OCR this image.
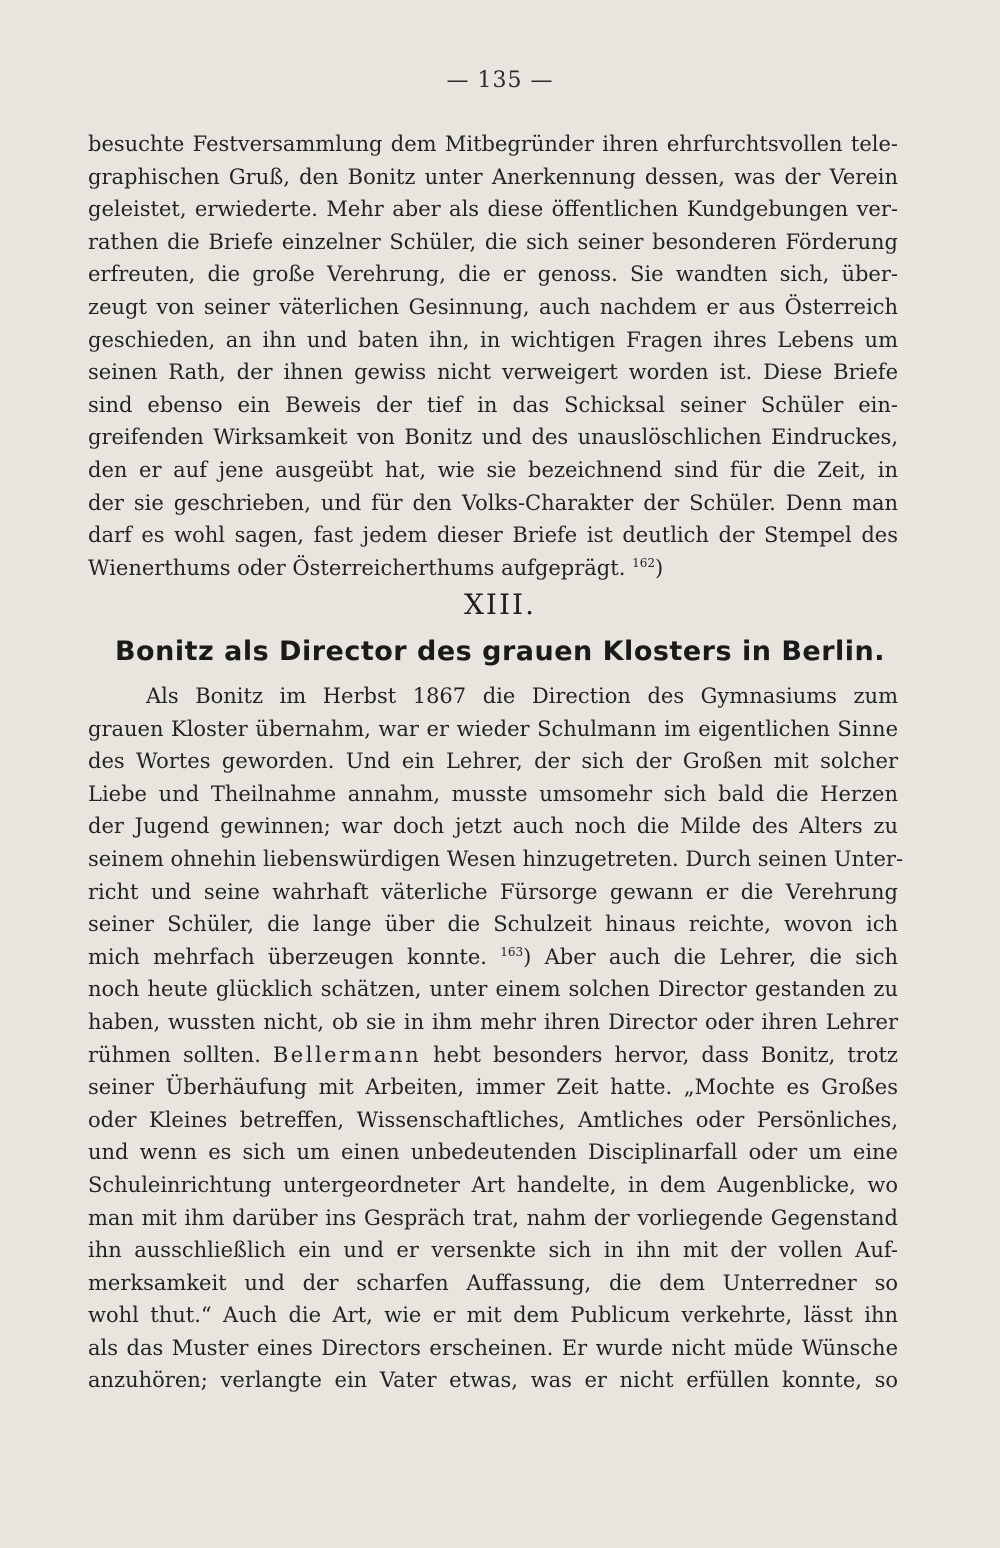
— 135 —
besuchte Festversammlung dem Mitbegründer ihren ehrfurchtsvollen tele-
graphischen Gruß, den Bonitz unter Anerkennung dessen, was der Verein
geleistet, erwiederte. Mehr aber als diese öffentlichen Kundgebungen ver-
rathen die Briefe einzelner Schüler, die sich seiner besonderen Förderung
erfreuten, die große Verehrung, die er genoss. Sie wandten sich, über-
zeugt von seiner väterlichen Gesinnung, auch nachdem er aus Österreich
geschieden, an ihn und baten ihn, in wichtigen Fragen ihres Lebens um
seinen Rath, der ihnen gewiss nicht verweigert worden ist. Diese Briefe
sind ebenso ein Beweis der tief in das Schicksal seiner Schüler ein-
greifenden Wirksamkeit von Bonitz und des unauslöschlichen Eindruckes,
den er auf jene ausgeübt hat, wie sie bezeichnend sind für die Zeit, in
der sie geschrieben, und für den Volks-Charakter der Schüler. Denn man
darf es wohl sagen, fast jedem dieser Briefe ist deutlich der Stempel des
Wienerthums oder Österreicherthums aufgeprägt. $^{162}$)
XIII.
Bonitz als Director des grauen Klosters in Berlin.
Als Bonitz im Herbst 1867 die Direction des Gymnasiums zum
grauen Kloster übernahm, war er wieder Schulmann im eigentlichen Sinne
des Wortes geworden. Und ein Lehrer, der sich der Großen mit solcher
Liebe und Theilnahme annahm, musste umsomehr sich bald die Herzen
der Jugend gewinnen; war doch jetzt auch noch die Milde des Alters zu
seinem ohnehin liebenswürdigen Wesen hinzugetreten. Durch seinen Unter-
richt und seine wahrhaft väterliche Fürsorge gewann er die Verehrung
seiner Schüler, die lange über die Schulzeit hinaus reichte, wovon ich
mich mehrfach überzeugen konnte. $^{163}$) Aber auch die Lehrer, die sich
noch heute glücklich schätzen, unter einem solchen Director gestanden zu
haben, wussten nicht, ob sie in ihm mehr ihren Director oder ihren Lehrer
rühmen sollten. Bellermann hebt besonders hervor, dass Bonitz, trotz
seiner Überhäufung mit Arbeiten, immer Zeit hatte. „Mochte es Großes
oder Kleines betreffen, Wissenschaftliches, Amtliches oder Persönliches,
und wenn es sich um einen unbedeutenden Disciplinarfall oder um eine
Schuleinrichtung untergeordneter Art handelte, in dem Augenblicke, wo
man mit ihm darüber ins Gespräch trat, nahm der vorliegende Gegenstand
ihn ausschließlich ein und er versenkte sich in ihn mit der vollen Auf-
merksamkeit und der scharfen Auffassung, die dem Unterredner so
wohl thut.“ Auch die Art, wie er mit dem Publicum verkehrte, lässt ihn
als das Muster eines Directors erscheinen. Er wurde nicht müde Wünsche
anzuhören; verlangte ein Vater etwas, was er nicht erfüllen konnte, so
